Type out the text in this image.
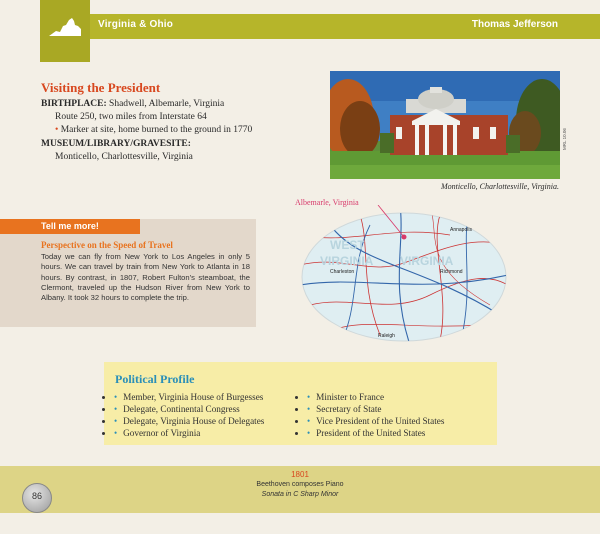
Virginia & Ohio	Thomas Jefferson
Visiting the President
BIRTHPLACE: Shadwell, Albemarle, Virginia
Route 250, two miles from Interstate 64
• Marker at site, home burned to the ground in 1770
MUSEUM/LIBRARY/GRAVESITE:
Monticello, Charlottesville, Virginia
MRL 10.06
Monticello, Charlottesville, Virginia.
Tell me more!
Perspective on the Speed of Travel
Today we can fly from New York to Los Angeles in only 5 hours. We can travel by train from New York to Atlanta in 18 hours. By contrast, in 1807, Robert Fulton’s steamboat, the Clermont, traveled up the Hudson River from New York to Albany. It took 32 hours to complete the trip.
Albemarle, Virginia
WEST
VIRGINIA VIRGINIA
Annapolis
Charleston	Richmond
Raleigh
Political Profile
• • Member, Virginia House of Burgesses
• • Delegate, Continental Congress
• • Delegate, Virginia House of Delegates
• • Governor of Virginia
• • Minister to France
• • Secretary of State
• • Vice President of the United States
• • President of the United States
86
1801
Beethoven composes Piano
Sonata in C Sharp Minor
